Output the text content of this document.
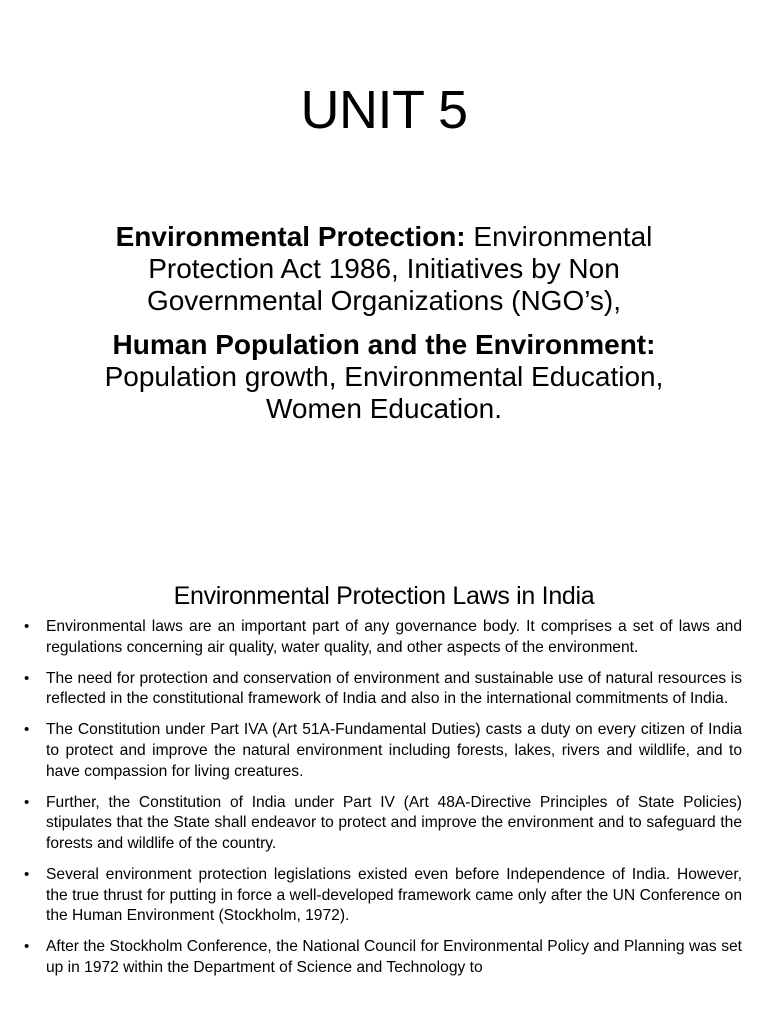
UNIT 5
Environmental Protection: Environmental Protection Act 1986, Initiatives by Non Governmental Organizations (NGO’s),
Human Population and the Environment: Population growth, Environmental Education, Women Education.
Environmental Protection Laws in India
•	Environmental laws are an important part of any governance body. It comprises a set of laws and regulations concerning air quality, water quality, and other aspects of the environment.
•	The need for protection and conservation of environment and sustainable use of natural resources is reflected in the constitutional framework of India and also in the international commitments of India.
•	The Constitution under Part IVA (Art 51A-Fundamental Duties) casts a duty on every citizen of India to protect and improve the natural environment including forests, lakes, rivers and wildlife, and to have compassion for living creatures.
•	Further, the Constitution of India under Part IV (Art 48A-Directive Principles of State Policies) stipulates that the State shall endeavor to protect and improve the environment and to safeguard the forests and wildlife of the country.
•	Several environment protection legislations existed even before Independence of India. However, the true thrust for putting in force a well-developed framework came only after the UN Conference on the Human Environment (Stockholm, 1972).
•	After the Stockholm Conference, the National Council for Environmental Policy and Planning was set up in 1972 within the Department of Science and Technology to
